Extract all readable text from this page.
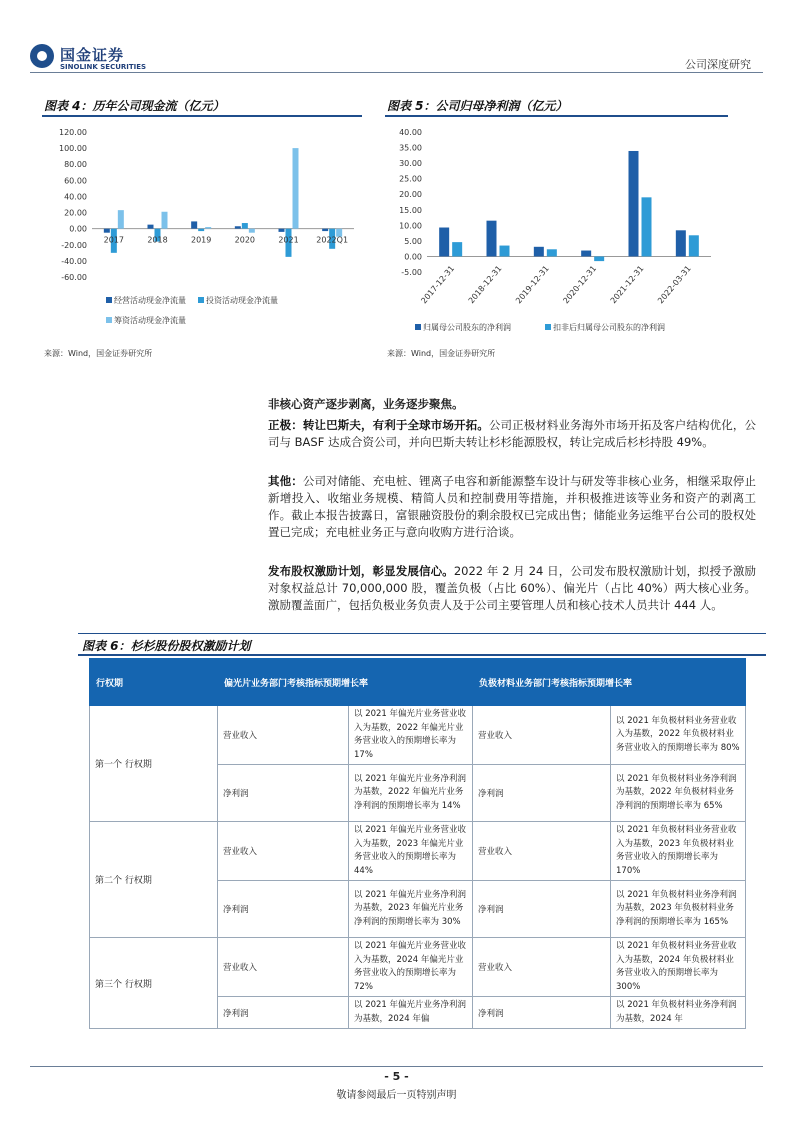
国金证券
SINOLINK SECURITIES	公司深度研究
图表 4：历年公司现金流（亿元）
120.00
100.00
80.00
60.00
40.00
20.00
0.00
-20.00
-40.00
-60.00
2017	2018	2019	2020	2021 2022Q1
经营活动现金净流量	投资活动现金净流量
筹资活动现金净流量
来源：Wind，国金证券研究所
图表 5：公司归母净利润（亿元）
40.00
35.00
30.00
25.00
20.00
15.00
10.00
5.00
0.00
-5.00
2017-12-31 2018-12-31 2019-12-31 2020-12-31 2021-12-31 2022-03-31
归属母公司股东的净利润	扣非后归属母公司股东的净利润
来源：Wind，国金证券研究所
非核心资产逐步剥离，业务逐步聚焦。
正极：转让巴斯夫，有利于全球市场开拓。公司正极材料业务海外市场开拓及客户结构优化，公司与 BASF 达成合资公司，并向巴斯夫转让杉杉能源股权，转让完成后杉杉持股 49%。
其他：公司对储能、充电桩、锂离子电容和新能源整车设计与研发等非核心业务，相继采取停止新增投入、收缩业务规模、精简人员和控制费用等措施，并积极推进该等业务和资产的剥离工作。截止本报告披露日，富银融资股份的剩余股权已完成出售；储能业务运维平台公司的股权处置已完成；充电桩业务正与意向收购方进行洽谈。
发布股权激励计划，彰显发展信心。2022 年 2 月 24 日，公司发布股权激励计划，拟授予激励对象权益总计 70,000,000 股，覆盖负极（占比 60%）、偏光片（占比 40%）两大核心业务。激励覆盖面广，包括负极业务负责人及于公司主要管理人员和核心技术人员共计 444 人。
图表 6：杉杉股份股权激励计划
行权期	偏光片业务部门考核指标预期增长率		负极材料业务部门考核指标预期增长率	
第一个 行权期	营业收入	以 2021 年偏光片业务营业收入为基数，2022 年偏光片业务营业收入的预期增长率为 17%	营业收入	以 2021 年负极材料业务营业收入为基数，2022 年负极材料业务营业收入的预期增长率为 80%
	净利润	以 2021 年偏光片业务净利润为基数，2022 年偏光片业务净利润的预期增长率为 14%	净利润	以 2021 年负极材料业务净利润为基数，2022 年负极材料业务净利润的预期增长率为 65%
第二个 行权期	营业收入	以 2021 年偏光片业务营业收入为基数，2023 年偏光片业务营业收入的预期增长率为 44%	营业收入	以 2021 年负极材料业务营业收入为基数，2023 年负极材料业务营业收入的预期增长率为 170%
	净利润	以 2021 年偏光片业务净利润为基数，2023 年偏光片业务净利润的预期增长率为 30%	净利润	以 2021 年负极材料业务净利润为基数，2023 年负极材料业务净利润的预期增长率为 165%
第三个 行权期	营业收入	以 2021 年偏光片业务营业收入为基数，2024 年偏光片业务营业收入的预期增长率为 72%	营业收入	以 2021 年负极材料业务营业收入为基数，2024 年负极材料业务营业收入的预期增长率为 300%
	净利润	以 2021 年偏光片业务净利润为基数，2024 年偏	净利润	以 2021 年负极材料业务净利润为基数，2024 年
- 5 -
敬请参阅最后一页特别声明
